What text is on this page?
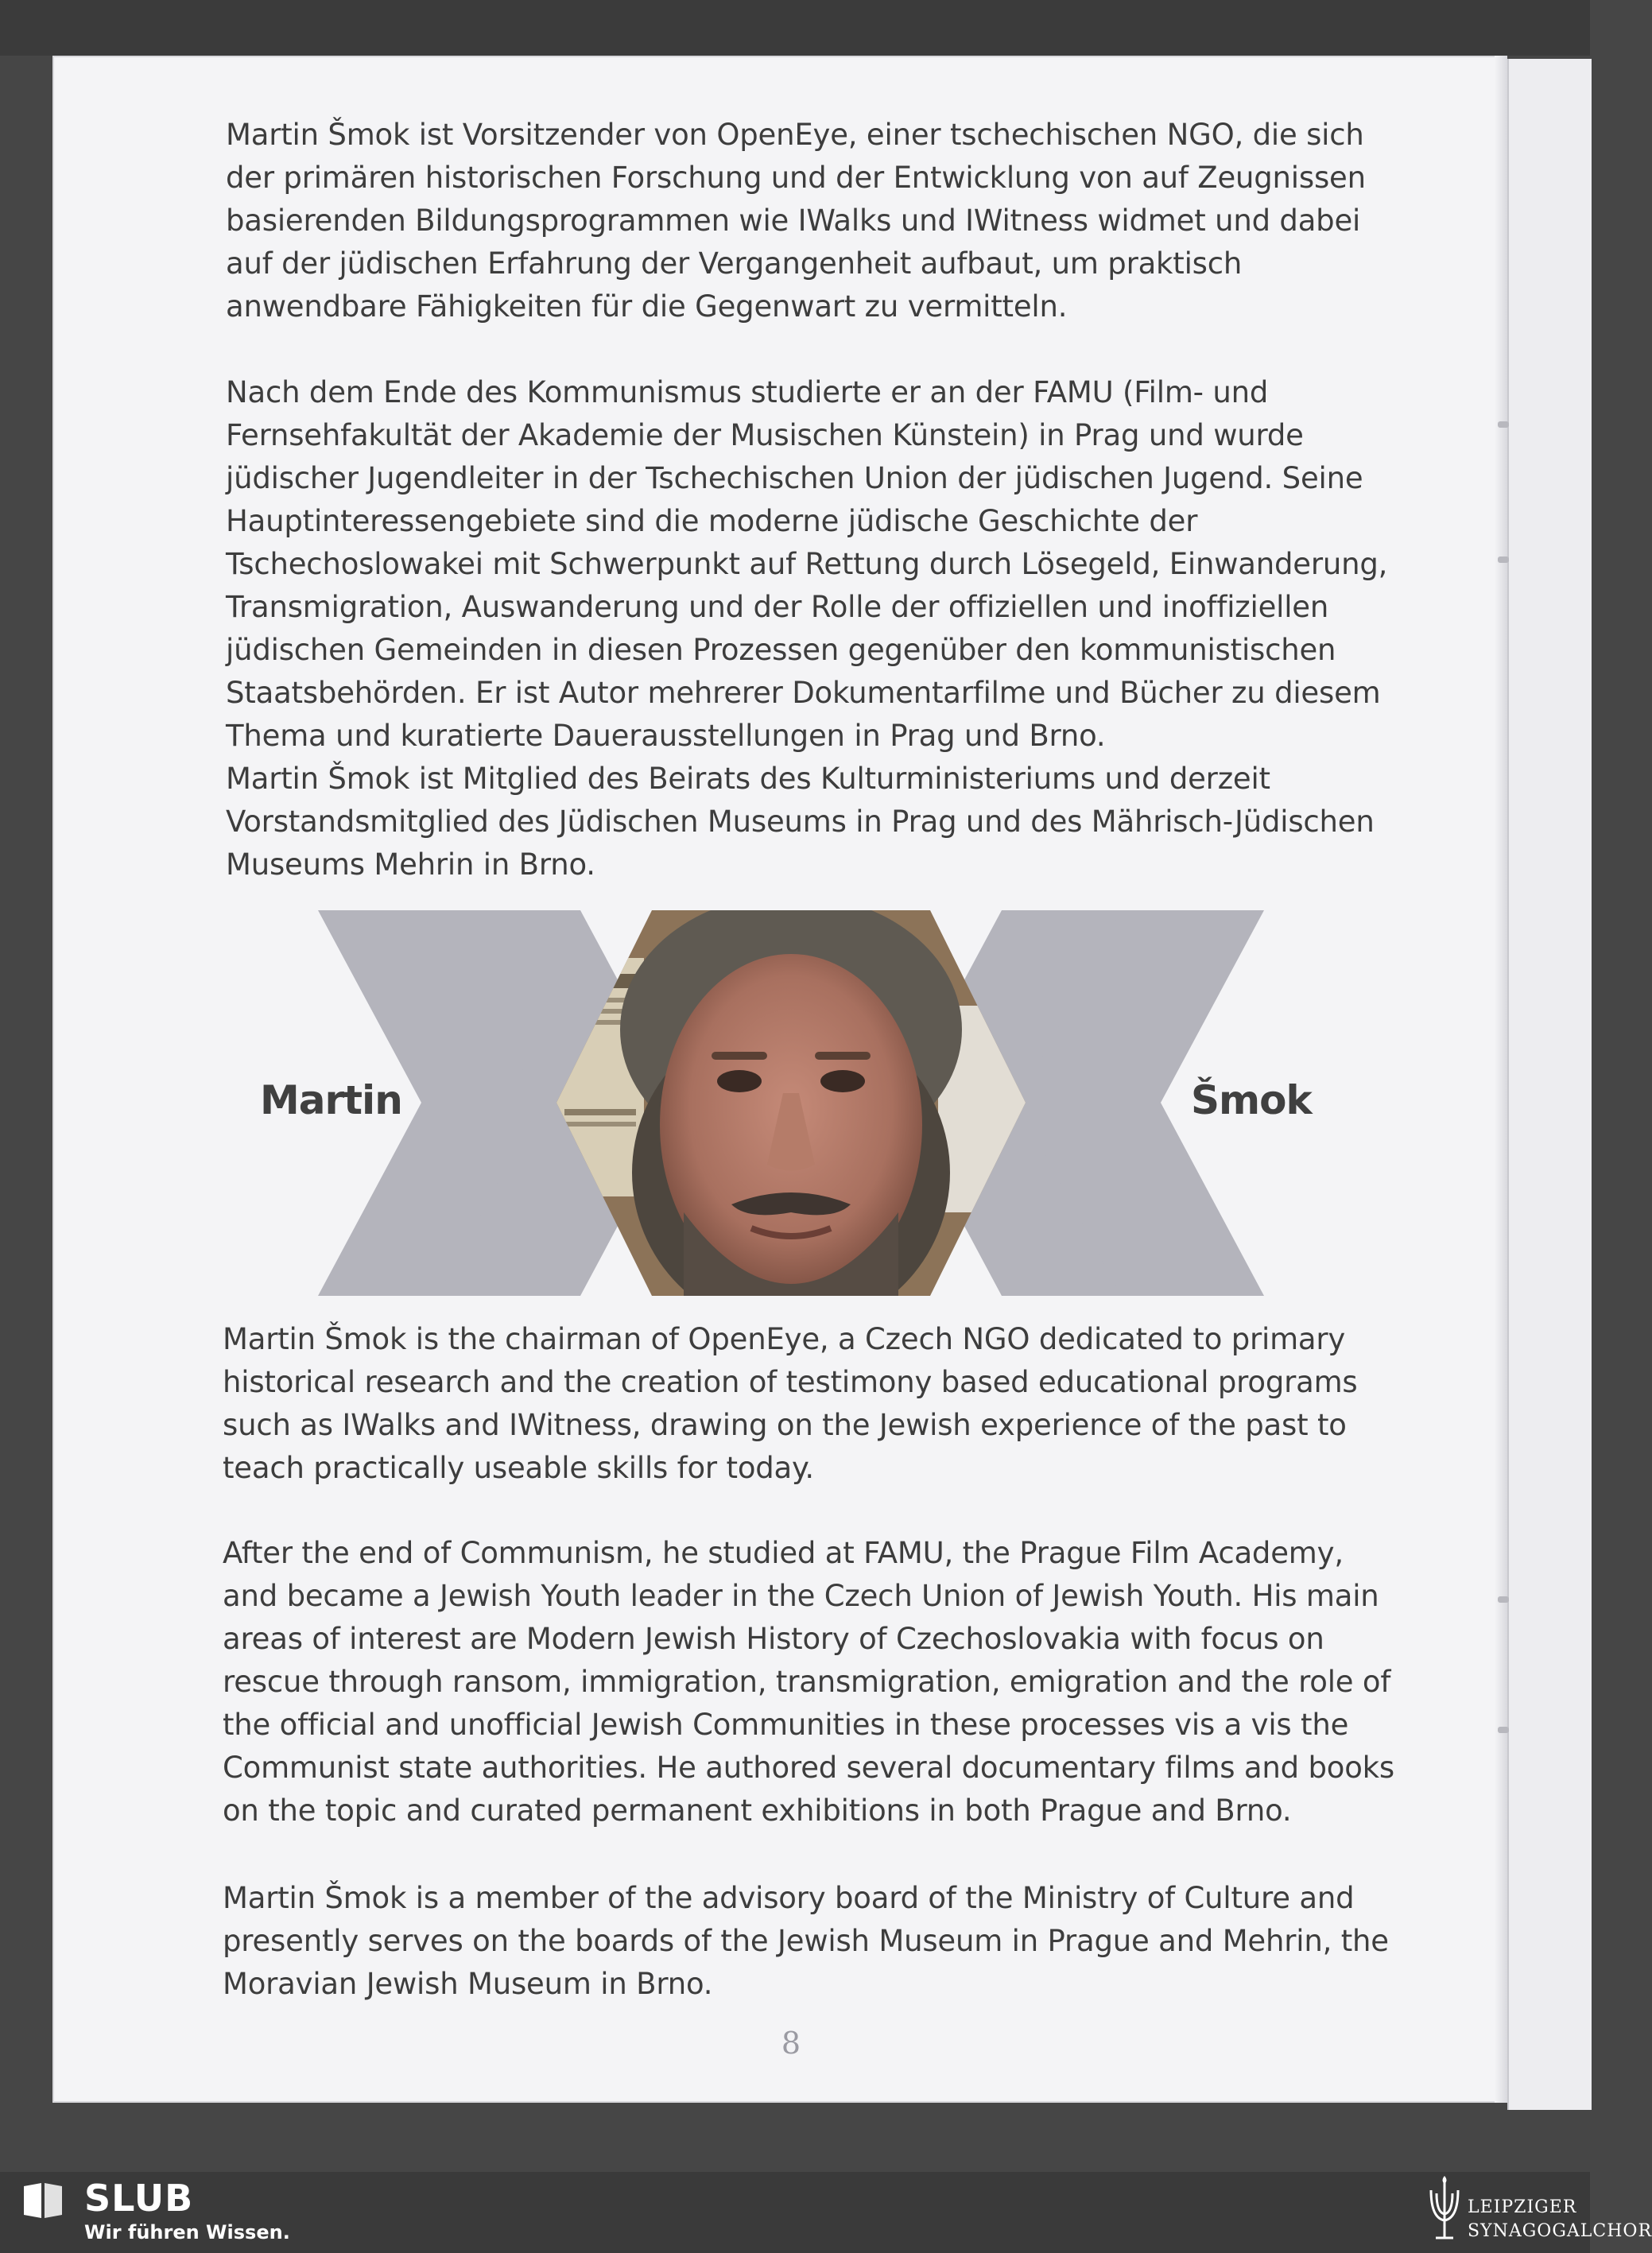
Martin Šmok ist Vorsitzender von OpenEye, einer tschechischen NGO, die sich der primären historischen Forschung und der Entwicklung von auf Zeugnissen basierenden Bildungsprogrammen wie IWalks und IWitness widmet und dabei auf der jüdischen Erfahrung der Vergangenheit aufbaut, um praktisch anwendbare Fähigkeiten für die Gegenwart zu vermitteln.

Nach dem Ende des Kommunismus studierte er an der FAMU (Film- und Fernsehfakultät der Akademie der Musischen Künstein) in Prag und wurde jüdischer Jugendleiter in der Tschechischen Union der jüdischen Jugend. Seine Hauptinteressengebiete sind die moderne jüdische Geschichte der Tschechoslowakei mit Schwerpunkt auf Rettung durch Lösegeld, Einwanderung, Transmigration, Auswanderung und der Rolle der offiziellen und inoffiziellen jüdischen Gemeinden in diesen Prozessen gegenüber den kommunistischen Staatsbehörden. Er ist Autor mehrerer Dokumentarfilme und Bücher zu diesem Thema und kuratierte Dauerausstellungen in Prag und Brno.

Martin Šmok ist Mitglied des Beirats des Kulturministeriums und derzeit Vorstandsmitglied des Jüdischen Museums in Prag und des Mährisch-Jüdischen Museums Mehrin in Brno.

Martin	Šmok

Martin Šmok is the chairman of OpenEye, a Czech NGO dedicated to primary historical research and the creation of testimony based educational programs such as IWalks and IWitness, drawing on the Jewish experience of the past to teach practically useable skills for today.

After the end of Communism, he studied at FAMU, the Prague Film Academy, and became a Jewish Youth leader in the Czech Union of Jewish Youth. His main areas of interest are Modern Jewish History of Czechoslovakia with focus on rescue through ransom, immigration, transmigration, emigration and the role of the official and unofficial Jewish Communities in these processes vis a vis the Communist state authorities. He authored several documentary films and books on the topic and curated permanent exhibitions in both Prague and Brno.

Martin Šmok is a member of the advisory board of the Ministry of Culture and presently serves on the boards of the Jewish Museum in Prague and Mehrin, the Moravian Jewish Museum in Brno.

8

SLUB

Wir führen Wissen.

LEIPZIGER

SYNAGOGALCHOR
